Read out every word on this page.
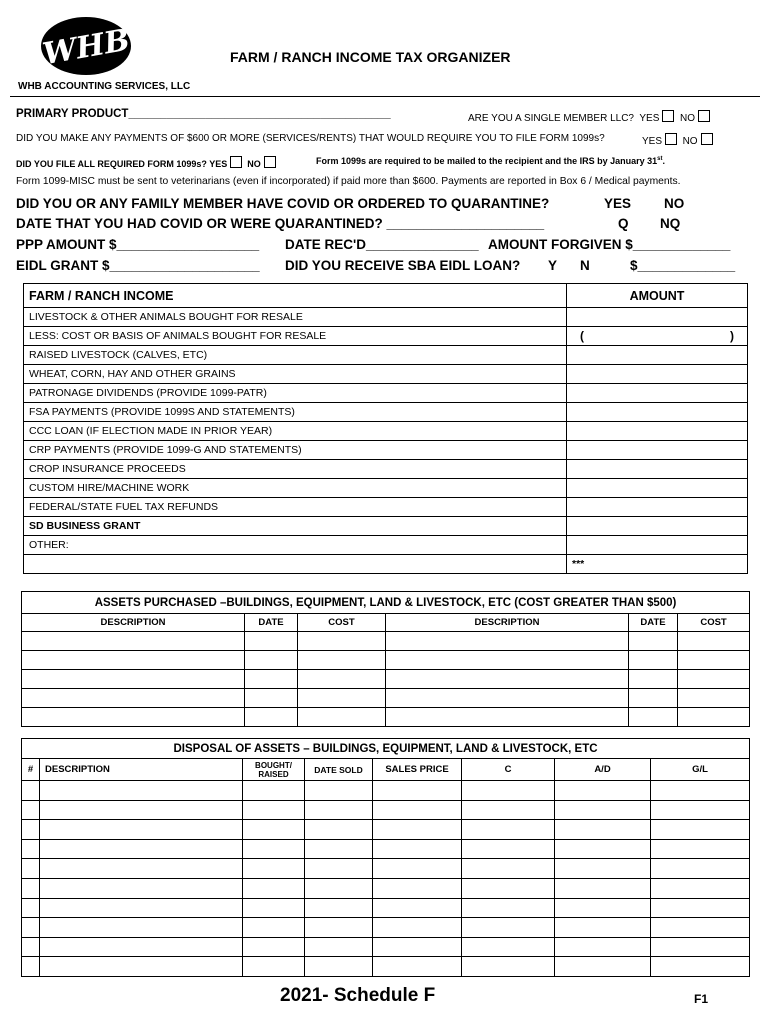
WHB	FARM / RANCH INCOME TAX ORGANIZER
WHB ACCOUNTING SERVICES, LLC
PRIMARY PRODUCT_________________________________________	ARE YOU A SINGLE MEMBER LLC? YES NO
DID YOU MAKE ANY PAYMENTS OF $600 OR MORE (SERVICES/RENTS) THAT WOULD REQUIRE YOU TO FILE FORM 1099s?	YES NO
DID YOU FILE ALL REQUIRED FORM 1099s? YES NO	Form 1099s are required to be mailed to the recipient and the IRS by January 31st.
Form 1099-MISC must be sent to veterinarians (even if incorporated) if paid more than $600. Payments are reported in Box 6 / Medical payments.
DID YOU OR ANY FAMILY MEMBER HAVE COVID OR ORDERED TO QUARANTINE?	YES NO
DATE THAT YOU HAD COVID OR WERE QUARANTINED? _____________________	Q NQ
PPP AMOUNT $___________________ DATE REC'D_______________ AMOUNT FORGIVEN $_____________
EIDL GRANT $____________________ DID YOU RECEIVE SBA EIDL LOAN? Y N	$_____________
FARM / RANCH INCOME	AMOUNT
LIVESTOCK & OTHER ANIMALS BOUGHT FOR RESALE	
LESS: COST OR BASIS OF ANIMALS BOUGHT FOR RESALE	( )

RAISED LIVESTOCK (CALVES, ETC)	
WHEAT, CORN, HAY AND OTHER GRAINS	
PATRONAGE DIVIDENDS (PROVIDE 1099-PATR)	
FSA PAYMENTS (PROVIDE 1099S AND STATEMENTS)	
CCC LOAN (IF ELECTION MADE IN PRIOR YEAR)	
CRP PAYMENTS (PROVIDE 1099-G AND STATEMENTS)	
CROP INSURANCE PROCEEDS	
CUSTOM HIRE/MACHINE WORK	
FEDERAL/STATE FUEL TAX REFUNDS	
SD BUSINESS GRANT	
OTHER:	
	***
ASSETS PURCHASED –BUILDINGS, EQUIPMENT, LAND & LIVESTOCK, ETC (COST GREATER THAN $500)					
DESCRIPTION	DATE	COST	DESCRIPTION	DATE	COST

DISPOSAL OF ASSETS – BUILDINGS, EQUIPMENT, LAND & LIVESTOCK, ETC							
#	DESCRIPTION	BOUGHT/ RAISED	DATE SOLD	SALES PRICE	C	A/D	G/L

2021- Schedule F	F1
